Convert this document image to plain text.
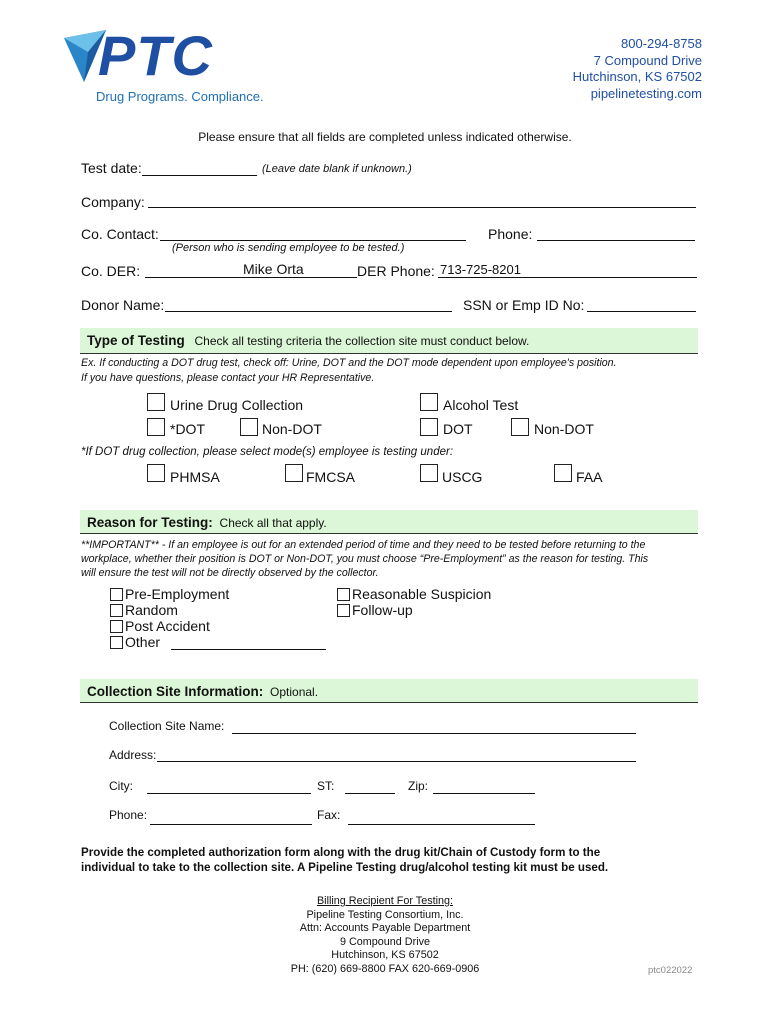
PTC
Drug Programs. Compliance.
800-294-8758
7 Compound Drive
Hutchinson, KS 67502
pipelinetesting.com
Please ensure that all fields are completed unless indicated otherwise.
Test date:	(Leave date blank if unknown.)
Company:
Co. Contact:
(Person who is sending employee to be tested.)
Phone:
Co. DER:	Mike Orta	DER Phone: 713-725-8201
Donor Name:	SSN or Emp ID No:
Type of Testing Check all testing criteria the collection site must conduct below.
Ex. If conducting a DOT drug test, check off: Urine, DOT and the DOT mode dependent upon employee's position.
If you have questions, please contact your HR Representative.
Urine Drug Collection
*DOT	Non-DOT
Alcohol Test
DOT	Non-DOT
*If DOT drug collection, please select mode(s) employee is testing under:
PHMSA	FMCSA	USCG	FAA
Reason for Testing: Check all that apply.
**IMPORTANT** - If an employee is out for an extended period of time and they need to be tested before returning to the
workplace, whether their position is DOT or Non-DOT, you must choose “Pre-Employment” as the reason for testing. This
will ensure the test will not be directly observed by the collector.
Pre-Employment
Random
Post Accident
Other
Reasonable Suspicion
Follow-up
Collection Site Information: Optional.
Collection Site Name:
Address:
City:	ST:	Zip:
Phone:	Fax:
Provide the completed authorization form along with the drug kit/Chain of Custody form to the
individual to take to the collection site. A Pipeline Testing drug/alcohol testing kit must be used.
Billing Recipient For Testing:
Pipeline Testing Consortium, Inc.
Attn: Accounts Payable Department
9 Compound Drive
Hutchinson, KS 67502
PH: (620) 669-8800 FAX 620-669-0906	ptc022022
